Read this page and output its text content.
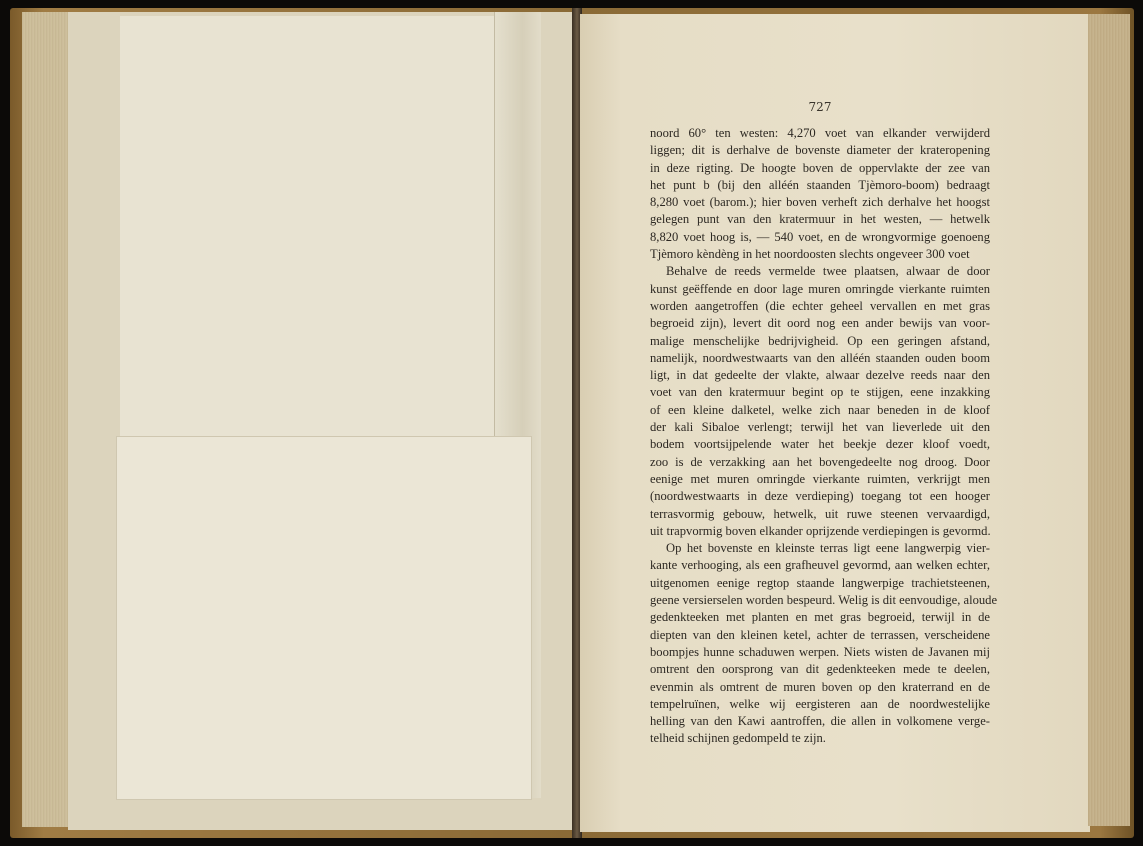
727
noord 60° ten westen: 4,270 voet van elkander verwijderd
liggen; dit is derhalve de bovenste diameter der krateropening
in deze rigting. De hoogte boven de oppervlakte der zee van
het punt b (bij den alléén staanden Tjèmoro-boom) bedraagt
8,280 voet (barom.); hier boven verheft zich derhalve het hoogst
gelegen punt van den kratermuur in het westen, — hetwelk
8,820 voet hoog is, — 540 voet, en de wrongvormige goenoeng
Tjèmoro kèndèng in het noordoosten slechts ongeveer 300 voet
Behalve de reeds vermelde twee plaatsen, alwaar de door
kunst geëffende en door lage muren omringde vierkante ruimten
worden aangetroffen (die echter geheel vervallen en met gras
begroeid zijn), levert dit oord nog een ander bewijs van voor-
malige menschelijke bedrijvigheid. Op een geringen afstand,
namelijk, noordwestwaarts van den alléén staanden ouden boom
ligt, in dat gedeelte der vlakte, alwaar dezelve reeds naar den
voet van den kratermuur begint op te stijgen, eene inzakking
of een kleine dalketel, welke zich naar beneden in de kloof
der kali Sibaloe verlengt; terwijl het van lieverlede uit den
bodem voortsijpelende water het beekje dezer kloof voedt,
zoo is de verzakking aan het bovengedeelte nog droog. Door
eenige met muren omringde vierkante ruimten, verkrijgt men
(noordwestwaarts in deze verdieping) toegang tot een hooger
terrasvormig gebouw, hetwelk, uit ruwe steenen vervaardigd,
uit trapvormig boven elkander oprijzende verdiepingen is gevormd.
Op het bovenste en kleinste terras ligt eene langwerpig vier-
kante verhooging, als een grafheuvel gevormd, aan welken echter,
uitgenomen eenige regtop staande langwerpige trachietsteenen,
geene versierselen worden bespeurd. Welig is dit eenvoudige, aloude
gedenkteeken met planten en met gras begroeid, terwijl in de
diepten van den kleinen ketel, achter de terrassen, verscheidene
boompjes hunne schaduwen werpen. Niets wisten de Javanen mij
omtrent den oorsprong van dit gedenkteeken mede te deelen,
evenmin als omtrent de muren boven op den kraterrand en de
tempelruïnen, welke wij eergisteren aan de noordwestelijke
helling van den Kawi aantroffen, die allen in volkomene verge-
telheid schijnen gedompeld te zijn.
